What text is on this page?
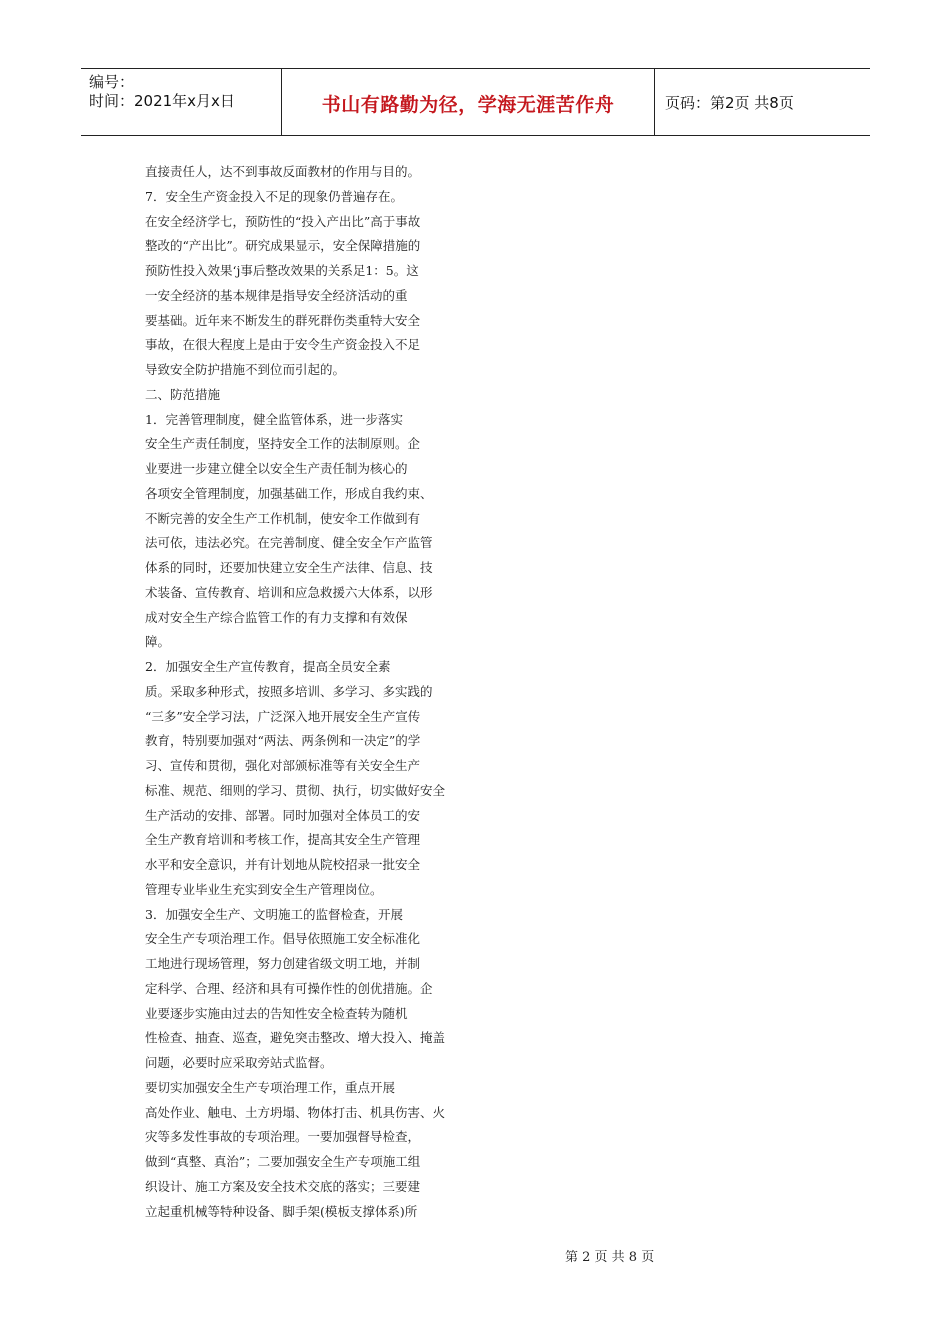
编号：
时间：2021年x月x日	书山有路勤为径，学海无涯苦作舟	页码：第2页 共8页
直接责任人，达不到事故反面教材的作用与目的。
7．安全生产资金投入不足的现象仍普遍存在。
在安全经济学七，预防性的“投入产出比”高于事故
整改的“产出比”。研究成果显示，安全保障措施的
预防性投入效果‘j事后整改效果的关系足1：5。这
一安全经济的基本规律是指导安全经济活动的重
要基础。近年来不断发生的群死群伤类重特大安全
事故，在很大程度上是由于安令生产资金投入不足
导致安全防护措施不到位而引起的。
二、防范措施
1．完善管理制度，健全监管体系，进一步落实
安全生产责任制度，坚持安全工作的法制原则。企
业要进一步建立健全以安全生产责任制为核心的
各项安全管理制度，加强基础工作，形成自我约束、
不断完善的安全生产工作机制，使安伞工作做到有
法可依，违法必究。在完善制度、健全安全乍产监管
体系的同时，还要加快建立安全生产法律、信息、技
术装备、宣传教育、培训和应急救援六大体系，以形
成对安全生产综合监管工作的有力支撑和有效保
障。
2．加强安全生产宣传教育，提高全员安全素
质。采取多种形式，按照多培训、多学习、多实践的
“三多”安全学习法，广泛深入地开展安全生产宣传
教育，特别要加强对“两法、两条例和一决定”的学
习、宣传和贯彻，强化对部颁标准等有关安全生产
标准、规范、细则的学习、贯彻、执行，切实做好安全
生产活动的安排、部署。同时加强对全体员工的安
全生产教育培训和考核工作，提高其安全生产管理
水平和安全意识，并有计划地从院校招录一批安全
管理专业毕业生充实到安全生产管理岗位。
3．加强安全生产、文明施工的监督检查，开展
安全生产专项治理工作。倡导依照施工安全标准化
工地进行现场管理，努力创建省级文明工地，并制
定科学、合理、经济和具有可操作性的创优措施。企
业要逐步实施由过去的告知性安全检查转为随机
性检查、抽查、巡查，避免突击整改、增大投入、掩盖
问题，必要时应采取旁站式监督。
要切实加强安全生产专项治理工作，重点开展
高处作业、触电、土方坍塌、物体打击、机具伤害、火
灾等多发性事故的专项治理。一要加强督导检查，
做到“真整、真治”；二要加强安全生产专项施工组
织设计、施工方案及安全技术交底的落实；三要建
立起重机械等特种设备、脚手架(模板支撑体系)所
第 2 页 共 8 页
